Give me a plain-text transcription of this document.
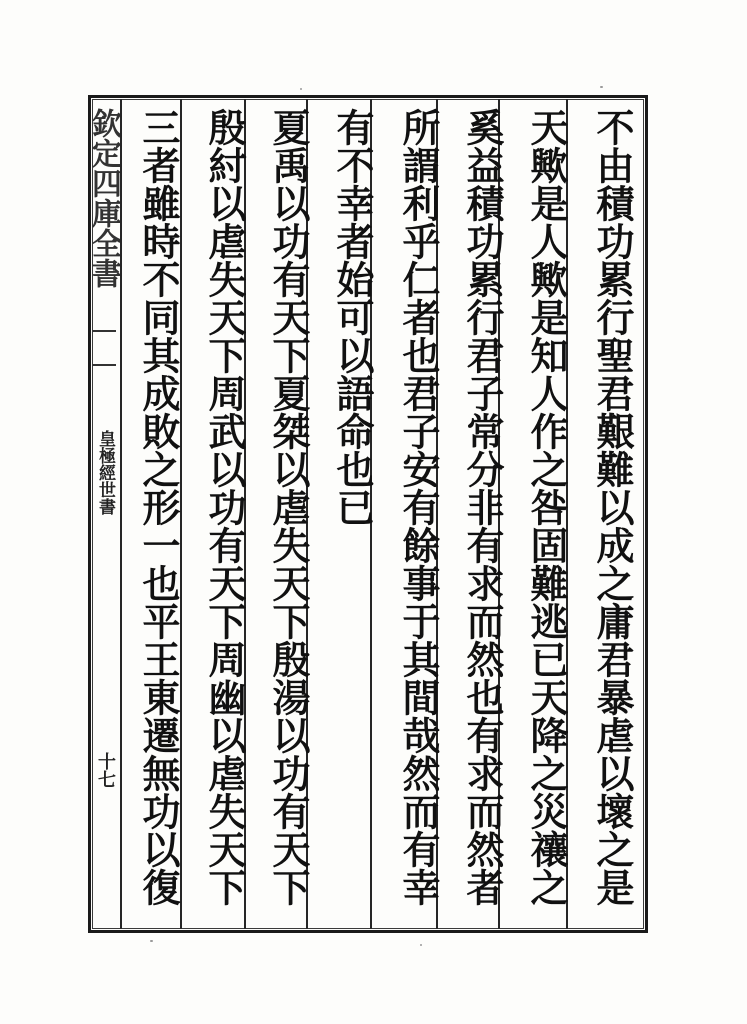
欽定四庫全書
皇極經世書
十七	不由積功累行聖君艱難以成之庸君暴虐以壞之是
天歟是人歟是知人作之咎固難逃已天降之災禳之
奚益積功累行君子常分非有求而然也有求而然者
所謂利乎仁者也君子安有餘事于其間哉然而有幸
有不幸者始可以語命也已
夏禹以功有天下夏桀以虐失天下殷湯以功有天下
殷紂以虐失天下周武以功有天下周幽以虐失天下
三者雖時不同其成敗之形一也平王東遷無功以復
